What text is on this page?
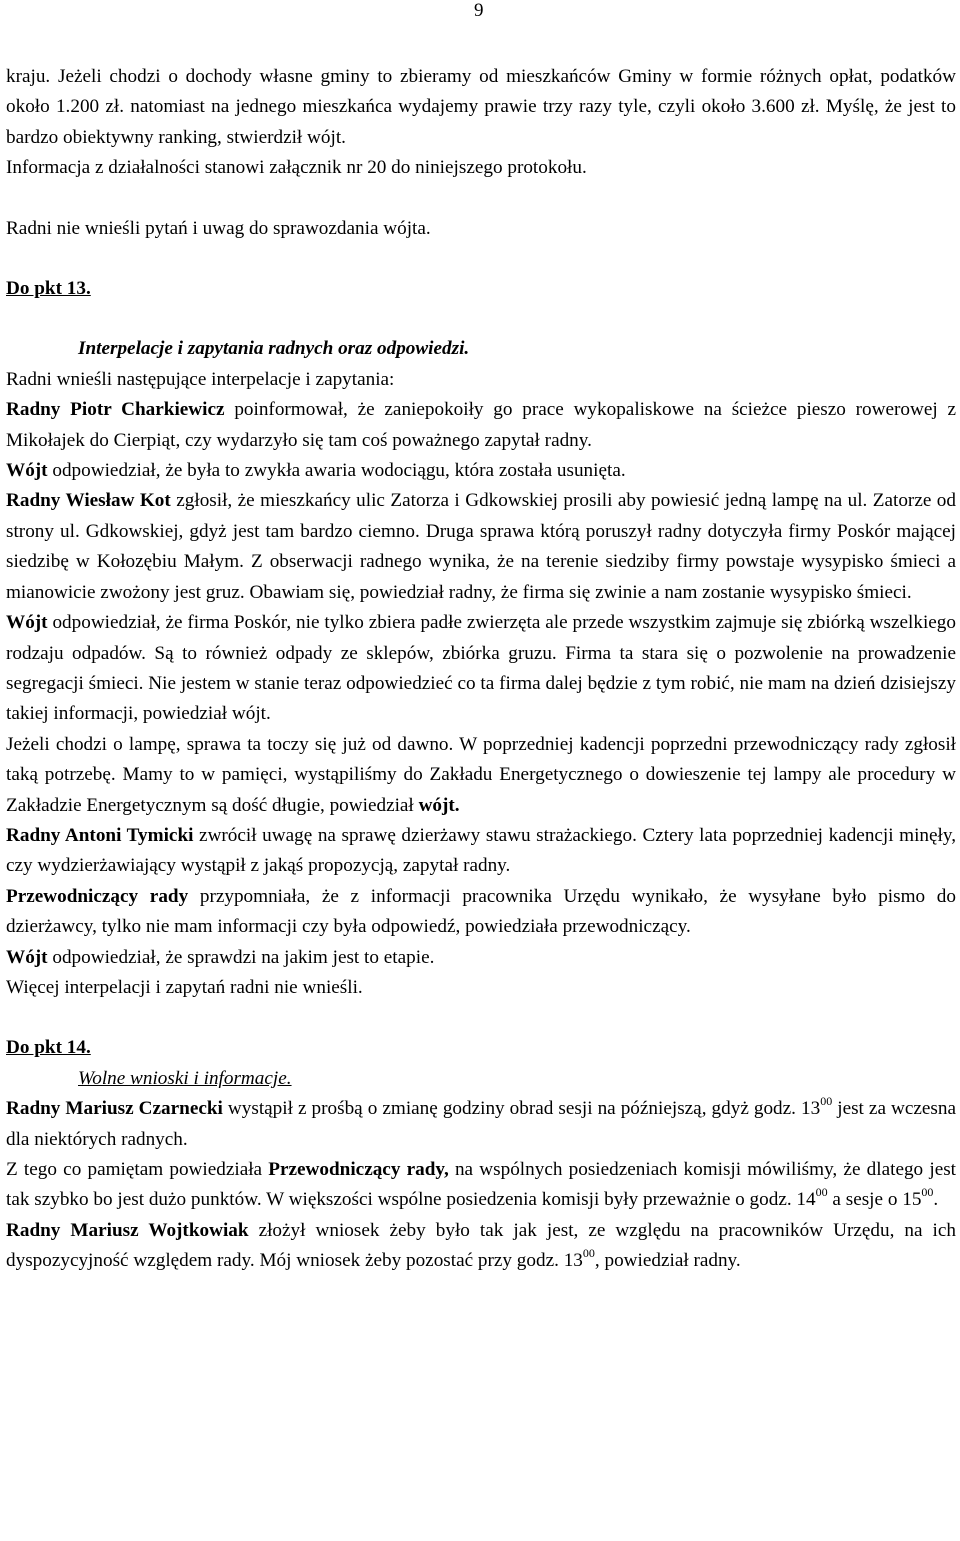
9
kraju. Jeżeli chodzi o dochody własne gminy to zbieramy od mieszkańców Gminy w formie różnych opłat, podatków około 1.200 zł. natomiast na jednego mieszkańca wydajemy prawie trzy razy tyle, czyli około 3.600 zł. Myślę, że jest to bardzo obiektywny ranking, stwierdził wójt.
Informacja z działalności stanowi załącznik nr 20 do niniejszego protokołu.
Radni nie wnieśli pytań i uwag do sprawozdania wójta.
Do pkt 13.
Interpelacje i zapytania radnych oraz odpowiedzi.
Radni wnieśli następujące interpelacje i zapytania:
Radny Piotr Charkiewicz poinformował, że zaniepokoiły go prace wykopaliskowe na ścieżce pieszo rowerowej z Mikołajek do Cierpiąt, czy wydarzyło się tam coś poważnego zapytał radny.
Wójt odpowiedział, że była to zwykła awaria wodociągu, która została usunięta.
Radny Wiesław Kot zgłosił, że mieszkańcy ulic Zatorza i Gdkowskiej prosili aby powiesić jedną lampę na ul. Zatorze od strony ul. Gdkowskiej, gdyż jest tam bardzo ciemno. Druga sprawa którą poruszył radny dotyczyła firmy Poskór mającej siedzibę w Kołozębiu Małym. Z obserwacji radnego wynika, że na terenie siedziby firmy powstaje wysypisko śmieci a mianowicie zwożony jest gruz. Obawiam się, powiedział radny, że firma się zwinie a nam zostanie wysypisko śmieci.
Wójt odpowiedział, że firma Poskór, nie tylko zbiera padłe zwierzęta ale przede wszystkim zajmuje się zbiórką wszelkiego rodzaju odpadów. Są to również odpady ze sklepów, zbiórka gruzu. Firma ta stara się o pozwolenie na prowadzenie segregacji śmieci. Nie jestem w stanie teraz odpowiedzieć co ta firma dalej będzie z tym robić, nie mam na dzień dzisiejszy takiej informacji, powiedział wójt.
Jeżeli chodzi o lampę, sprawa ta toczy się już od dawno. W poprzedniej kadencji poprzedni przewodniczący rady zgłosił taką potrzebę. Mamy to w pamięci, wystąpiliśmy do Zakładu Energetycznego o dowieszenie tej lampy ale procedury w Zakładzie Energetycznym są dość długie, powiedział wójt.
Radny Antoni Tymicki zwrócił uwagę na sprawę dzierżawy stawu strażackiego. Cztery lata poprzedniej kadencji minęły, czy wydzierżawiający wystąpił z jakąś propozycją, zapytał radny.
Przewodniczący rady przypomniała, że z informacji pracownika Urzędu wynikało, że wysyłane było pismo do dzierżawcy, tylko nie mam informacji czy była odpowiedź, powiedziała przewodniczący.
Wójt odpowiedział, że sprawdzi na jakim jest to etapie.
Więcej interpelacji i zapytań radni nie wnieśli.
Do pkt 14.
Wolne wnioski i informacje.
Radny Mariusz Czarnecki wystąpił z prośbą o zmianę godziny obrad sesji na późniejszą, gdyż godz. $13^{00}$ jest za wczesna dla niektórych radnych.
Z tego co pamiętam powiedziała Przewodniczący rady, na wspólnych posiedzeniach komisji mówiliśmy, że dlatego jest tak szybko bo jest dużo punktów. W większości wspólne posiedzenia komisji były przeważnie o godz. $14^{00}$ a sesje o $15^{00}$.
Radny Mariusz Wojtkowiak złożył wniosek żeby było tak jak jest, ze względu na pracowników Urzędu, na ich dyspozycyjność względem rady. Mój wniosek żeby pozostać przy godz. $13^{00}$, powiedział radny.
